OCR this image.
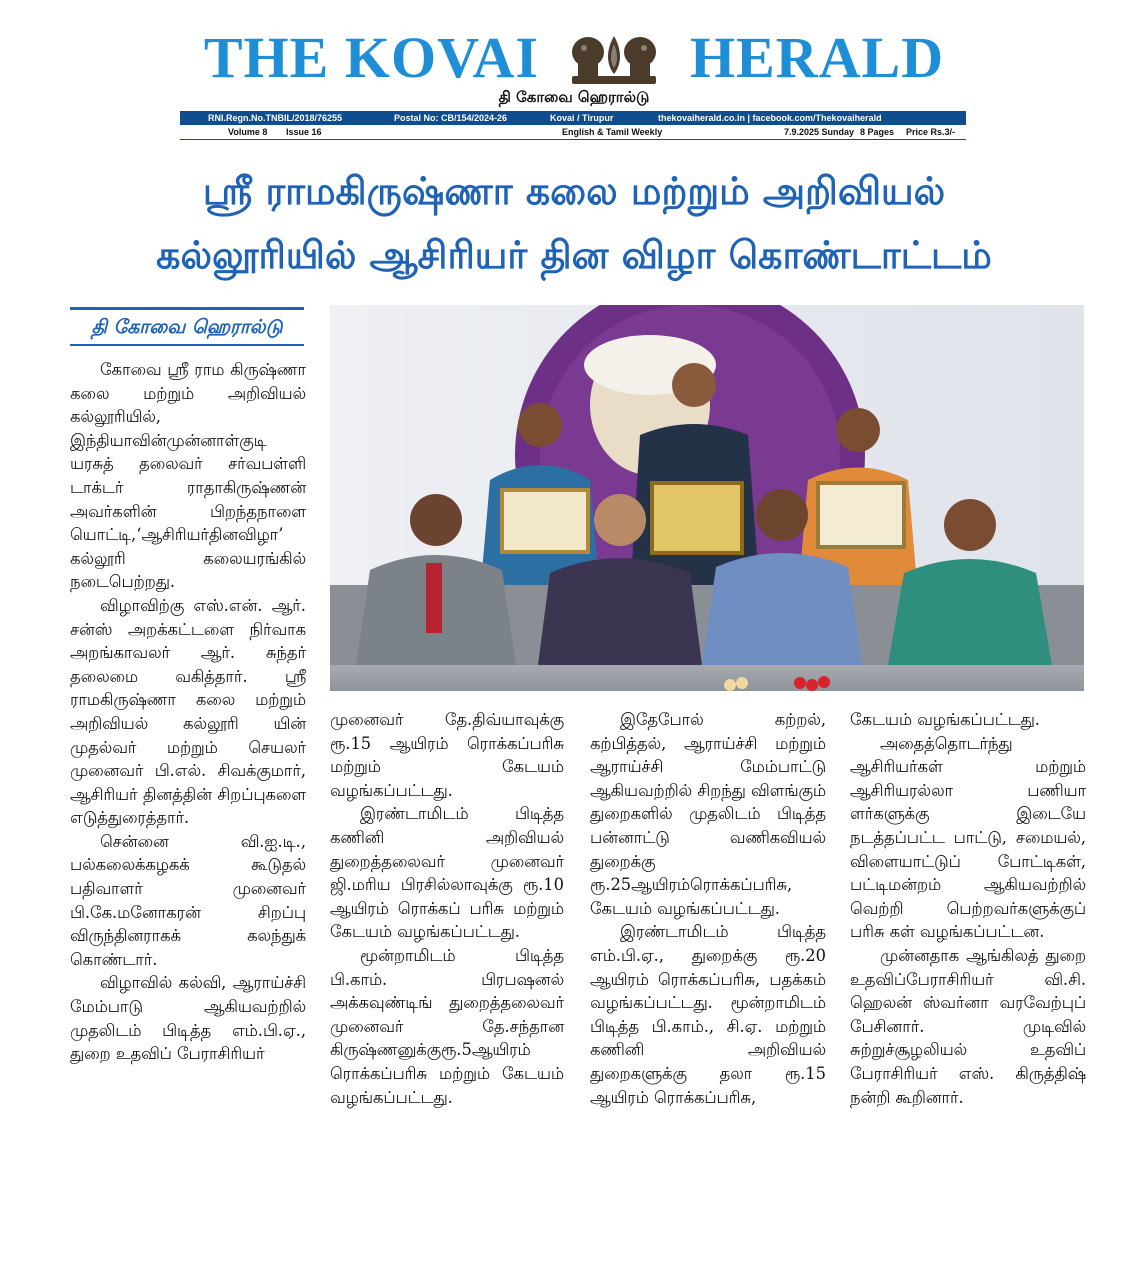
THE KOVAI	HERALD
தி கோவை ஹெரால்டு
RNI.Regn.No.TNBIL/2018/76255	Postal No: CB/154/2024-26	Kovai / Tirupur	thekovaiherald.co.in | facebook.com/Thekovaiherald
Volume 8 Issue 16	English & Tamil Weekly	7.9.2025 Sunday 8 Pages Price Rs.3/-
ஸ்ரீ ராமகிருஷ்ணா கலை மற்றும் அறிவியல்
கல்லூரியில் ஆசிரியர் தின விழா கொண்டாட்டம்
தி கோவை ஹெரால்டு

கோவை ஸ்ரீ ராம கிருஷ்ணா கலை மற்றும் அறிவியல் கல்லூரியில், இந்தியாவின்முன்னாள்குடி யரசுத் தலைவர் சர்வபள்ளி டாக்டர் ராதாகிருஷ்ணன் அவர்களின் பிறந்தநாளை யொட்டி,‘ஆசிரியர்தினவிழா’ கல்லூரி கலையரங்கில் நடைபெற்றது.

விழாவிற்கு எஸ்.என். ஆர். சன்ஸ் அறக்கட்டளை நிர்வாக அறங்காவலர் ஆர். சுந்தர் தலைமை வகித்தார். ஸ்ரீ ராமகிருஷ்ணா கலை மற்றும் அறிவியல் கல்லூரி யின் முதல்வர் மற்றும் செயலர் முனைவர் பி.எல். சிவக்குமார், ஆசிரியர் தினத்தின் சிறப்புகளை எடுத்துரைத்தார்.

சென்னை வி.ஐ.டி., பல்கலைக்கழகக் கூடுதல் பதிவாளர் முனைவர் பி.கே.மனோகரன் சிறப்பு விருந்தினராகக் கலந்துக் கொண்டார்.

விழாவில் கல்வி, ஆராய்ச்சி மேம்பாடு ஆகியவற்றில் முதலிடம் பிடித்த எம்.பி.ஏ., துறை உதவிப் பேராசிரியர்

முனைவர் தே.திவ்யாவுக்கு ரூ.15 ஆயிரம் ரொக்கப்பரிசு மற்றும் கேடயம் வழங்கப்பட்டது.

இரண்டாமிடம் பிடித்த கணினி அறிவியல் துறைத்தலைவர் முனைவர் ஜி.மரிய பிரசில்லாவுக்கு ரூ.10 ஆயிரம் ரொக்கப் பரிசு மற்றும் கேடயம் வழங்கப்பட்டது.

மூன்றாமிடம் பிடித்த பி.காம். பிரபஷனல் அக்கவுண்டிங் துறைத்தலைவர் முனைவர் தே.சந்தான கிருஷ்ணனுக்குரூ.5ஆயிரம் ரொக்கப்பரிசு மற்றும் கேடயம் வழங்கப்பட்டது.

இதேபோல் கற்றல், கற்பித்தல், ஆராய்ச்சி மற்றும் ஆராய்ச்சி மேம்பாட்டு ஆகியவற்றில் சிறந்து விளங்கும் துறைகளில் முதலிடம் பிடித்த பன்னாட்டு வணிகவியல் துறைக்கு ரூ.25ஆயிரம்ரொக்கப்பரிசு, கேடயம் வழங்கப்பட்டது.

இரண்டாமிடம் பிடித்த எம்.பி.ஏ., துறைக்கு ரூ.20 ஆயிரம் ரொக்கப்பரிசு, பதக்கம் வழங்கப்பட்டது. மூன்றாமிடம் பிடித்த பி.காம்., சி.ஏ. மற்றும் கணினி அறிவியல் துறைகளுக்கு தலா ரூ.15 ஆயிரம் ரொக்கப்பரிசு,

கேடயம் வழங்கப்பட்டது.

அதைத்தொடர்ந்து ஆசிரியர்கள் மற்றும் ஆசிரியரல்லா பணியா ளர்களுக்கு இடையே நடத்தப்பட்ட பாட்டு, சமையல், விளையாட்டுப் போட்டிகள், பட்டிமன்றம் ஆகியவற்றில் வெற்றி பெற்றவர்களுக்குப் பரிசு கள் வழங்கப்பட்டன.

முன்னதாக ஆங்கிலத் துறை உதவிப்பேராசிரியர் வி.சி. ஹெலன் ஸ்வர்னா வரவேற்புப் பேசினார். முடிவில் சுற்றுச்சூழலியல் உதவிப் பேராசிரியர் எஸ். கிருத்திஷ் நன்றி கூறினார்.
